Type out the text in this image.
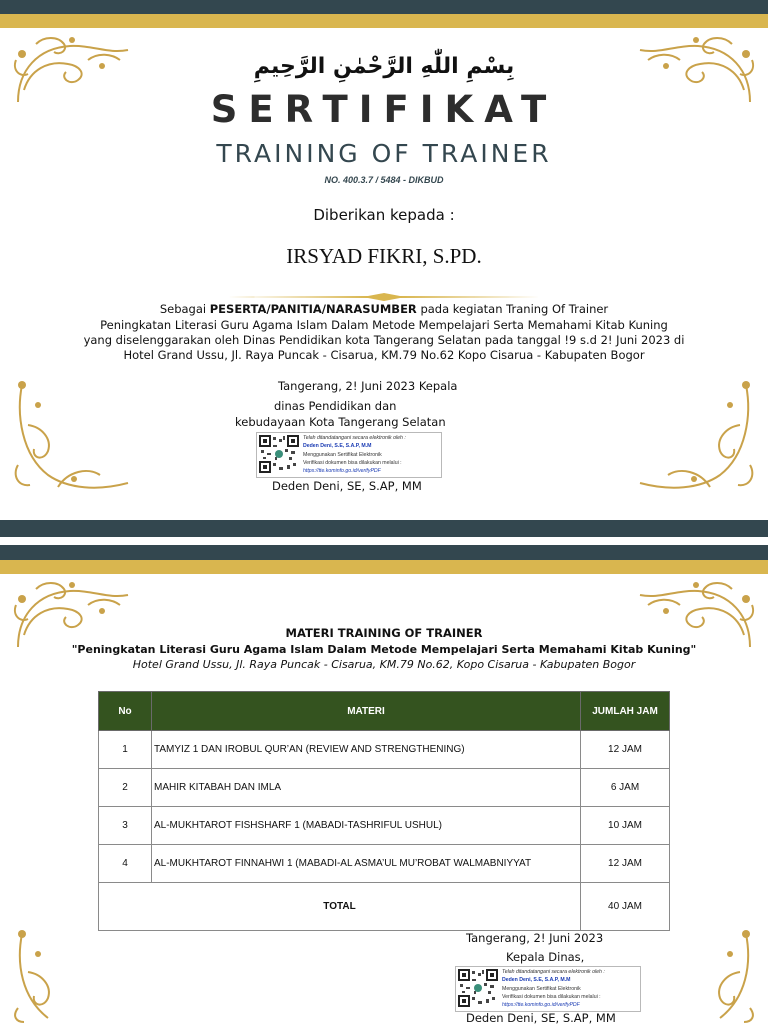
بِسْمِ اللّٰهِ الرَّحْمٰنِ الرَّحِيمِ
SERTIFIKAT
TRAINING OF TRAINER
NO. 400.3.7 / 5484 - DIKBUD
Diberikan kepada :
IRSYAD FIKRI, S.PD.
Sebagai PESERTA/PANITIA/NARASUMBER pada kegiatan Traning Of Trainer
Peningkatan Literasi Guru Agama Islam Dalam Metode Mempelajari Serta Memahami Kitab Kuning
yang diselenggarakan oleh Dinas Pendidikan kota Tangerang Selatan pada tanggal !9 s.d 2! Juni 2023 di
Hotel Grand Ussu, Jl. Raya Puncak - Cisarua, KM.79 No.62 Kopo Cisarua - Kabupaten Bogor
Tangerang, 2! Juni 2023 Kepala
dinas Pendidikan dan
kebudayaan Kota Tangerang Selatan
Telah ditandatangani secara elektronik oleh :
Deden Deni, S.E, S.A.P, M.M
Menggunakan Sertifikat Elektronik
Verifikasi dokumen bisa dilakukan melalui :
https://tte.kominfo.go.id/verifyPDF
Deden Deni, SE, S.AP, MM
MATERI TRAINING OF TRAINER
"Peningkatan Literasi Guru Agama Islam Dalam Metode Mempelajari Serta Memahami Kitab Kuning"
Hotel Grand Ussu, Jl. Raya Puncak - Cisarua, KM.79 No.62, Kopo Cisarua - Kabupaten Bogor
No	MATERI	JUMLAH JAM
1	TAMYIZ 1 DAN IROBUL QUR’AN (REVIEW AND STRENGTHENING)	12 JAM
2	MAHIR KITABAH DAN IMLA	6 JAM
3	AL-MUKHTAROT FISHSHARF 1 (MABADI-TASHRIFUL USHUL)	10 JAM
4	AL-MUKHTAROT FINNAHWI 1 (MABADI-AL ASMA’UL MU’ROBAT WALMABNIYYAT	12 JAM
TOTAL		40 JAM
Tangerang, 2! Juni 2023
Kepala Dinas,
Telah ditandatangani secara elektronik oleh :
Deden Deni, S.E, S.A.P, M.M
Menggunakan Sertifikat Elektronik
Verifikasi dokumen bisa dilakukan melalui :
https://tte.kominfo.go.id/verifyPDF
Deden Deni, SE, S.AP, MM
